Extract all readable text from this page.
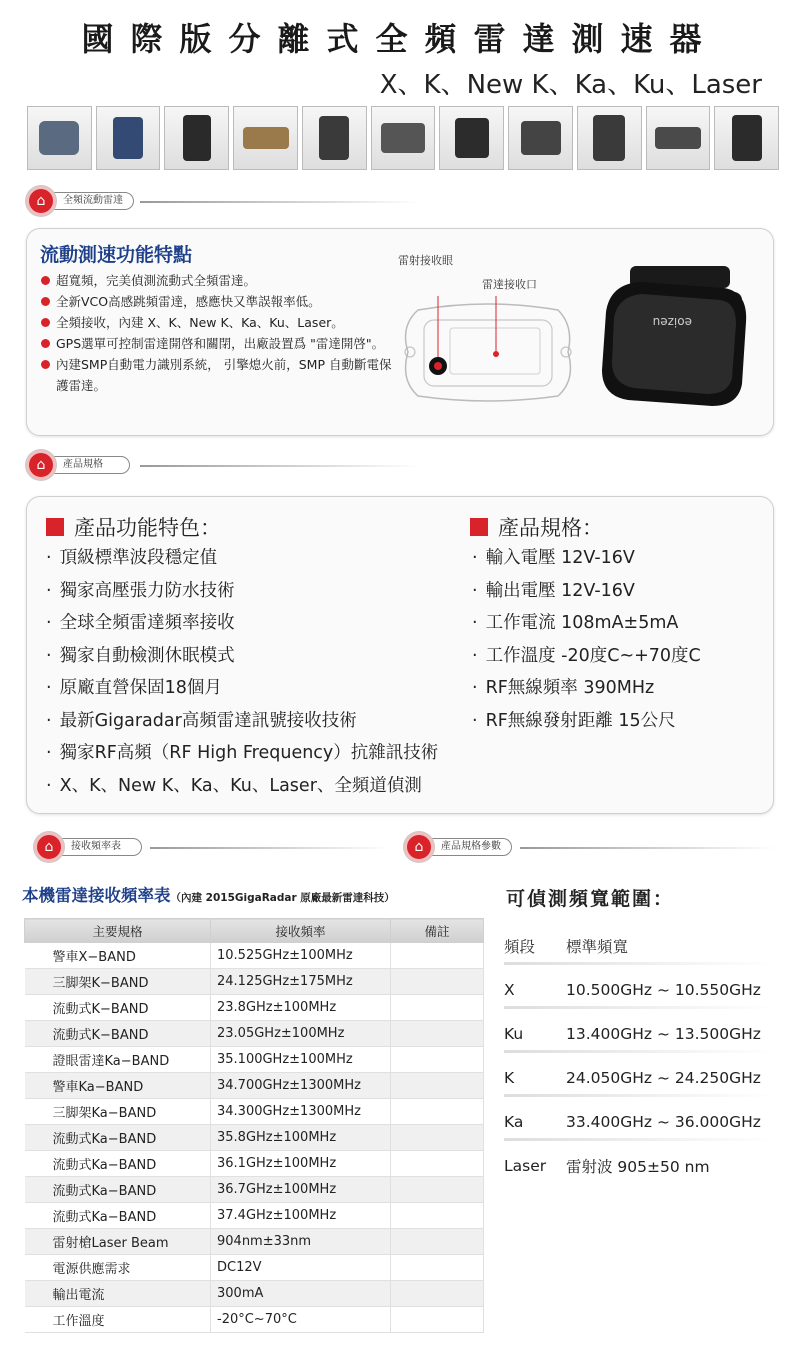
國際版分離式全頻雷達測速器
X、K、New K、Ka、Ku、Laser
⌂	全頻流動雷達
流動測速功能特點
超寬頻，完美偵測流動式全頻雷達。
全新VCO高感跳頻雷達，感應快又準誤報率低。
全頻接收，內建 X、K、New K、Ka、Ku、Laser。
GPS選單可控制雷達開啓和關閉，出廠設置爲 "雷達開啓"。
內建SMP自動電力識別系統， 引擎熄火前，SMP 自動斷電保護雷達。
雷射接收眼
雷達接收口
eoizeu
⌂	產品規格
產品功能特色：
· 頂級標準波段穩定值
· 獨家高壓張力防水技術
· 全球全頻雷達頻率接收
· 獨家自動檢測休眠模式
· 原廠直營保固18個月
· 最新Gigaradar高頻雷達訊號接收技術
· 獨家RF高頻（RF High Frequency）抗雜訊技術
· X、K、New K、Ka、Ku、Laser、全頻道偵測
產品規格：
· 輸入電壓 12V-16V
· 輸出電壓 12V-16V
· 工作電流 108mA±5mA
· 工作溫度 -20度C~+70度C
· RF無線頻率 390MHz
· RF無線發射距離 15公尺
⌂	接收頻率表	⌂	產品規格參數
本機雷達接收頻率表（內建 2015GigaRadar 原廠最新雷達科技）
主要規格	接收頻率	備註
警車X−BAND	10.525GHz±100MHz	
三脚架K−BAND	24.125GHz±175MHz	
流動式K−BAND	23.8GHz±100MHz	
流動式K−BAND	23.05GHz±100MHz	
證眼雷達Ka−BAND	35.100GHz±100MHz	
警車Ka−BAND	34.700GHz±1300MHz	
三脚架Ka−BAND	34.300GHz±1300MHz	
流動式Ka−BAND	35.8GHz±100MHz	
流動式Ka−BAND	36.1GHz±100MHz	
流動式Ka−BAND	36.7GHz±100MHz	
流動式Ka−BAND	37.4GHz±100MHz	
雷射槍Laser Beam	904nm±33nm	
電源供應需求	DC12V	
輸出電流	300mA	
工作溫度	-20°C~70°C	
可偵測頻寬範圍：
頻段	標準頻寬
X	10.500GHz ~ 10.550GHz
Ku	13.400GHz ~ 13.500GHz
K	24.050GHz ~ 24.250GHz
Ka	33.400GHz ~ 36.000GHz
Laser	雷射波 905±50 nm
